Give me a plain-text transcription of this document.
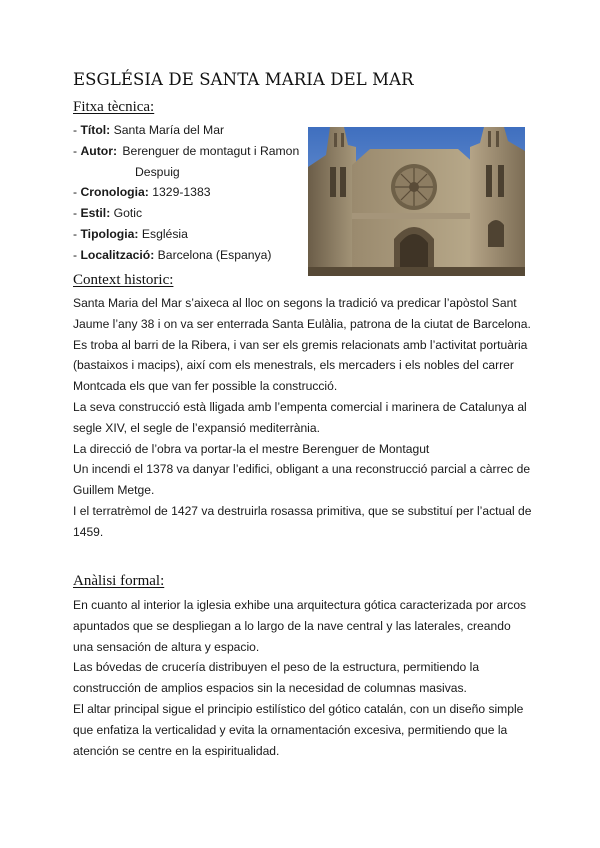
ESGLÉSIA DE SANTA MARIA DEL MAR
Fitxa tècnica:
- Títol: Santa María del Mar
- Autor: Berenguer de montagut i Ramon
Despuig
- Cronologia: 1329-1383
- Estil: Gotic
- Tipologia: Església
- Localització: Barcelona (Espanya)
Context historic:
Santa Maria del Mar s’aixeca al lloc on segons la tradició va predicar l’apòstol Sant Jaume l’any 38 i on va ser enterrada Santa Eulàlia, patrona de la ciutat de Barcelona.
Es troba al barri de la Ribera, i van ser els gremis relacionats amb l’activitat portuària (bastaixos i macips), així com els menestrals, els mercaders i els nobles del carrer Montcada els que van fer possible la construcció.
La seva construcció està lligada amb l’empenta comercial i marinera de Catalunya al segle XIV, el segle de l’expansió mediterrània.
La direcció de l’obra va portar-la el mestre Berenguer de Montagut
Un incendi el 1378 va danyar l’edifici, obligant a una reconstrucció parcial a càrrec de Guillem Metge.
I el terratrèmol de 1427 va destruirla rosassa primitiva, que se substituí per l’actual de 1459.
Anàlisi formal:
En cuanto al interior la iglesia exhibe una arquitectura gótica caracterizada por arcos apuntados que se despliegan a lo largo de la nave central y las laterales, creando una sensación de altura y espacio.
Las bóvedas de crucería distribuyen el peso de la estructura, permitiendo la construcción de amplios espacios sin la necesidad de columnas masivas.
El altar principal sigue el principio estilístico del gótico catalán, con un diseño simple que enfatiza la verticalidad y evita la ornamentación excesiva, permitiendo que la atención se centre en la espiritualidad.
